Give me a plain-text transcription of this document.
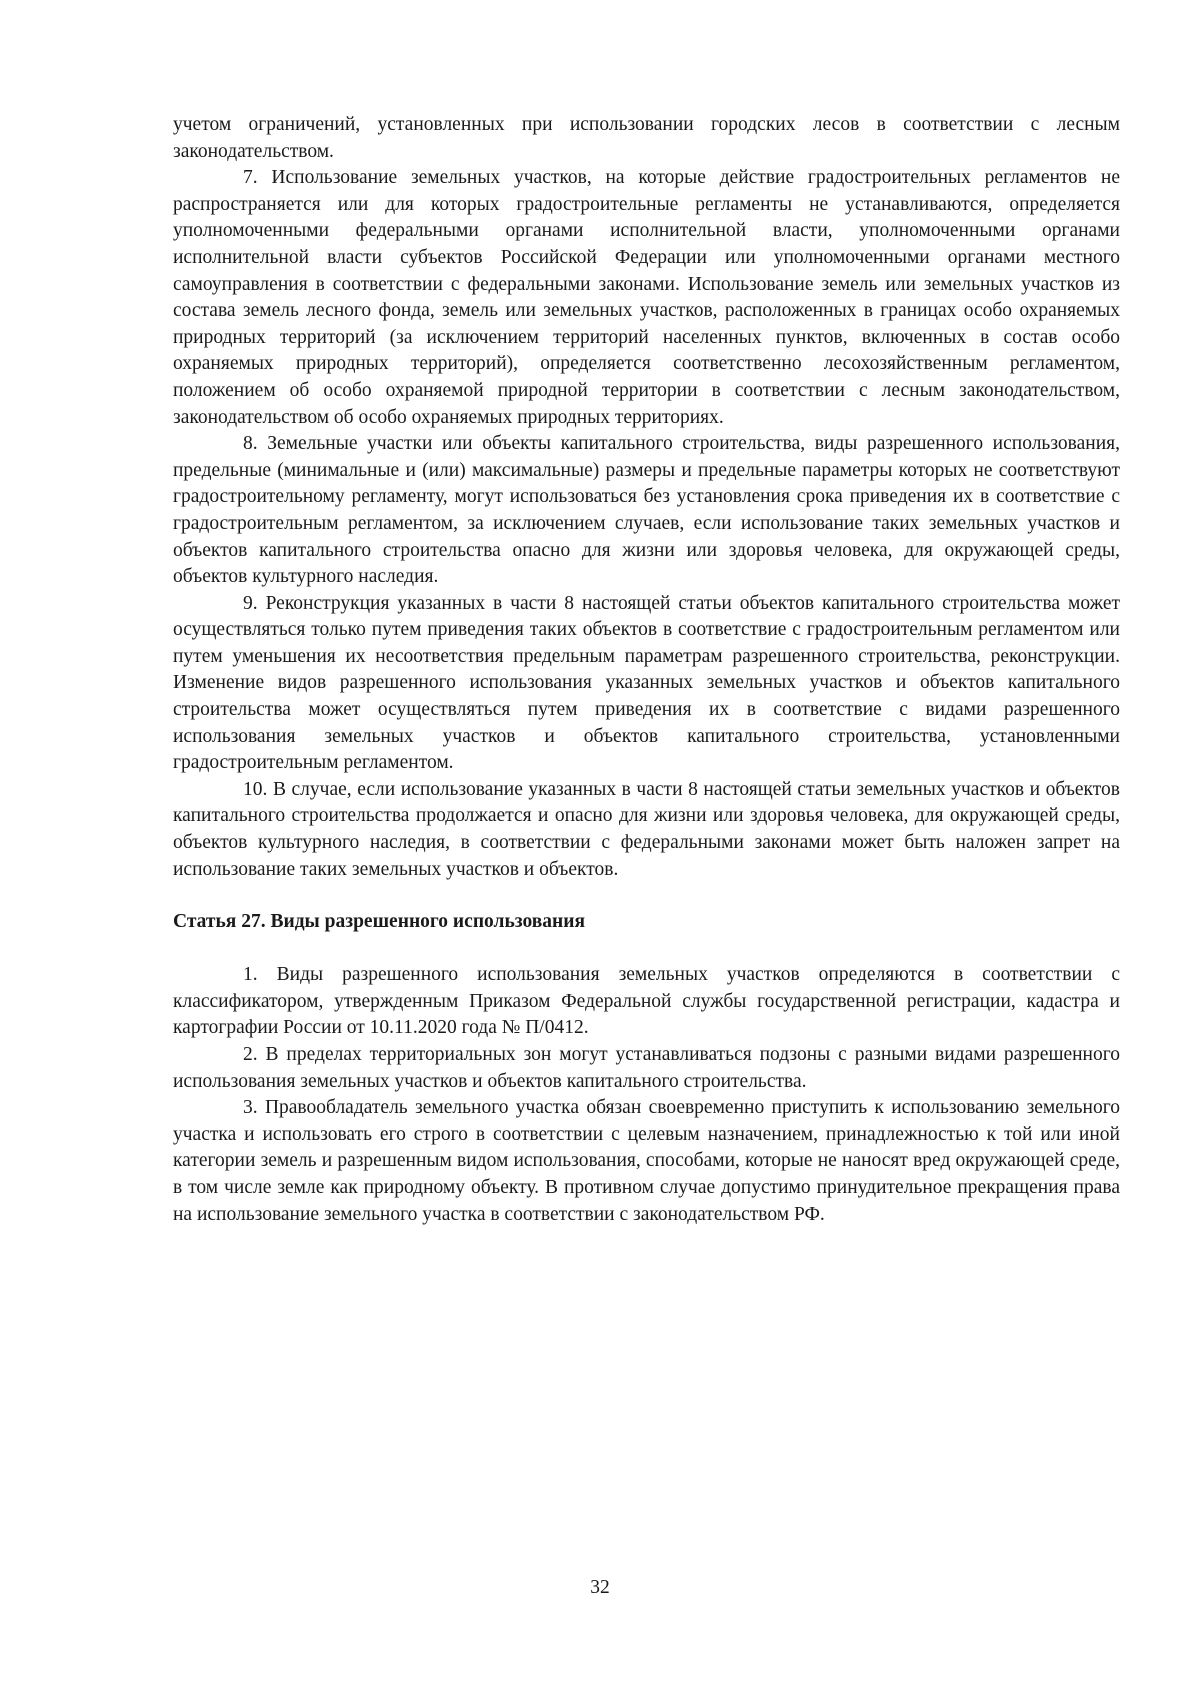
учетом ограничений, установленных при использовании городских лесов в соответствии с лесным законодательством.

7. Использование земельных участков, на которые действие градостроительных регламентов не распространяется или для которых градостроительные регламенты не устанавливаются, определяется уполномоченными федеральными органами исполнительной власти, уполномоченными органами исполнительной власти субъектов Российской Федерации или уполномоченными органами местного самоуправления в соответствии с федеральными законами. Использование земель или земельных участков из состава земель лесного фонда, земель или земельных участков, расположенных в границах особо охраняемых природных территорий (за исключением территорий населенных пунктов, включенных в состав особо охраняемых природных территорий), определяется соответственно лесохозяйственным регламентом, положением об особо охраняемой природной территории в соответствии с лесным законодательством, законодательством об особо охраняемых природных территориях.

8. Земельные участки или объекты капитального строительства, виды разрешенного использования, предельные (минимальные и (или) максимальные) размеры и предельные параметры которых не соответствуют градостроительному регламенту, могут использоваться без установления срока приведения их в соответствие с градостроительным регламентом, за исключением случаев, если использование таких земельных участков и объектов капитального строительства опасно для жизни или здоровья человека, для окружающей среды, объектов культурного наследия.

9. Реконструкция указанных в части 8 настоящей статьи объектов капитального строительства может осуществляться только путем приведения таких объектов в соответствие с градостроительным регламентом или путем уменьшения их несоответствия предельным параметрам разрешенного строительства, реконструкции. Изменение видов разрешенного использования указанных земельных участков и объектов капитального строительства может осуществляться путем приведения их в соответствие с видами разрешенного использования земельных участков и объектов капитального строительства, установленными градостроительным регламентом.

10. В случае, если использование указанных в части 8 настоящей статьи земельных участков и объектов капитального строительства продолжается и опасно для жизни или здоровья человека, для окружающей среды, объектов культурного наследия, в соответствии с федеральными законами может быть наложен запрет на использование таких земельных участков и объектов.

Статья 27. Виды разрешенного использования

1. Виды разрешенного использования земельных участков определяются в соответствии с классификатором, утвержденным Приказом Федеральной службы государственной регистрации, кадастра и картографии России от 10.11.2020 года № П/0412.

2. В пределах территориальных зон могут устанавливаться подзоны с разными видами разрешенного использования земельных участков и объектов капитального строительства.

3. Правообладатель земельного участка обязан своевременно приступить к использованию земельного участка и использовать его строго в соответствии с целевым назначением, принадлежностью к той или иной категории земель и разрешенным видом использования, способами, которые не наносят вред окружающей среде, в том числе земле как природному объекту. В противном случае допустимо принудительное прекращения права на использование земельного участка в соответствии с законодательством РФ.

32
